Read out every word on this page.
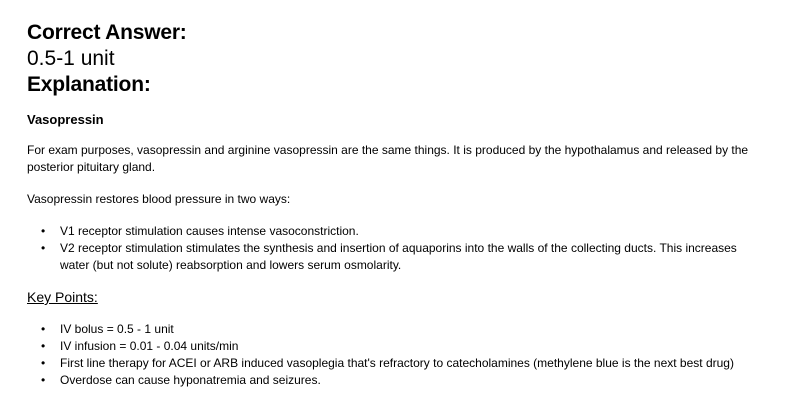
Correct Answer:

0.5-1 unit

Explanation:

Vasopressin

For exam purposes, vasopressin and arginine vasopressin are the same things. It is produced by the hypothalamus and released by the posterior pituitary gland.

Vasopressin restores blood pressure in two ways:

• V1 receptor stimulation causes intense vasoconstriction.
• V2 receptor stimulation stimulates the synthesis and insertion of aquaporins into the walls of the collecting ducts. This increases water (but not solute) reabsorption and lowers serum osmolarity.

Key Points:

• IV bolus = 0.5 - 1 unit
• IV infusion = 0.01 - 0.04 units/min
• First line therapy for ACEI or ARB induced vasoplegia that's refractory to catecholamines (methylene blue is the next best drug)
• Overdose can cause hyponatremia and seizures.
